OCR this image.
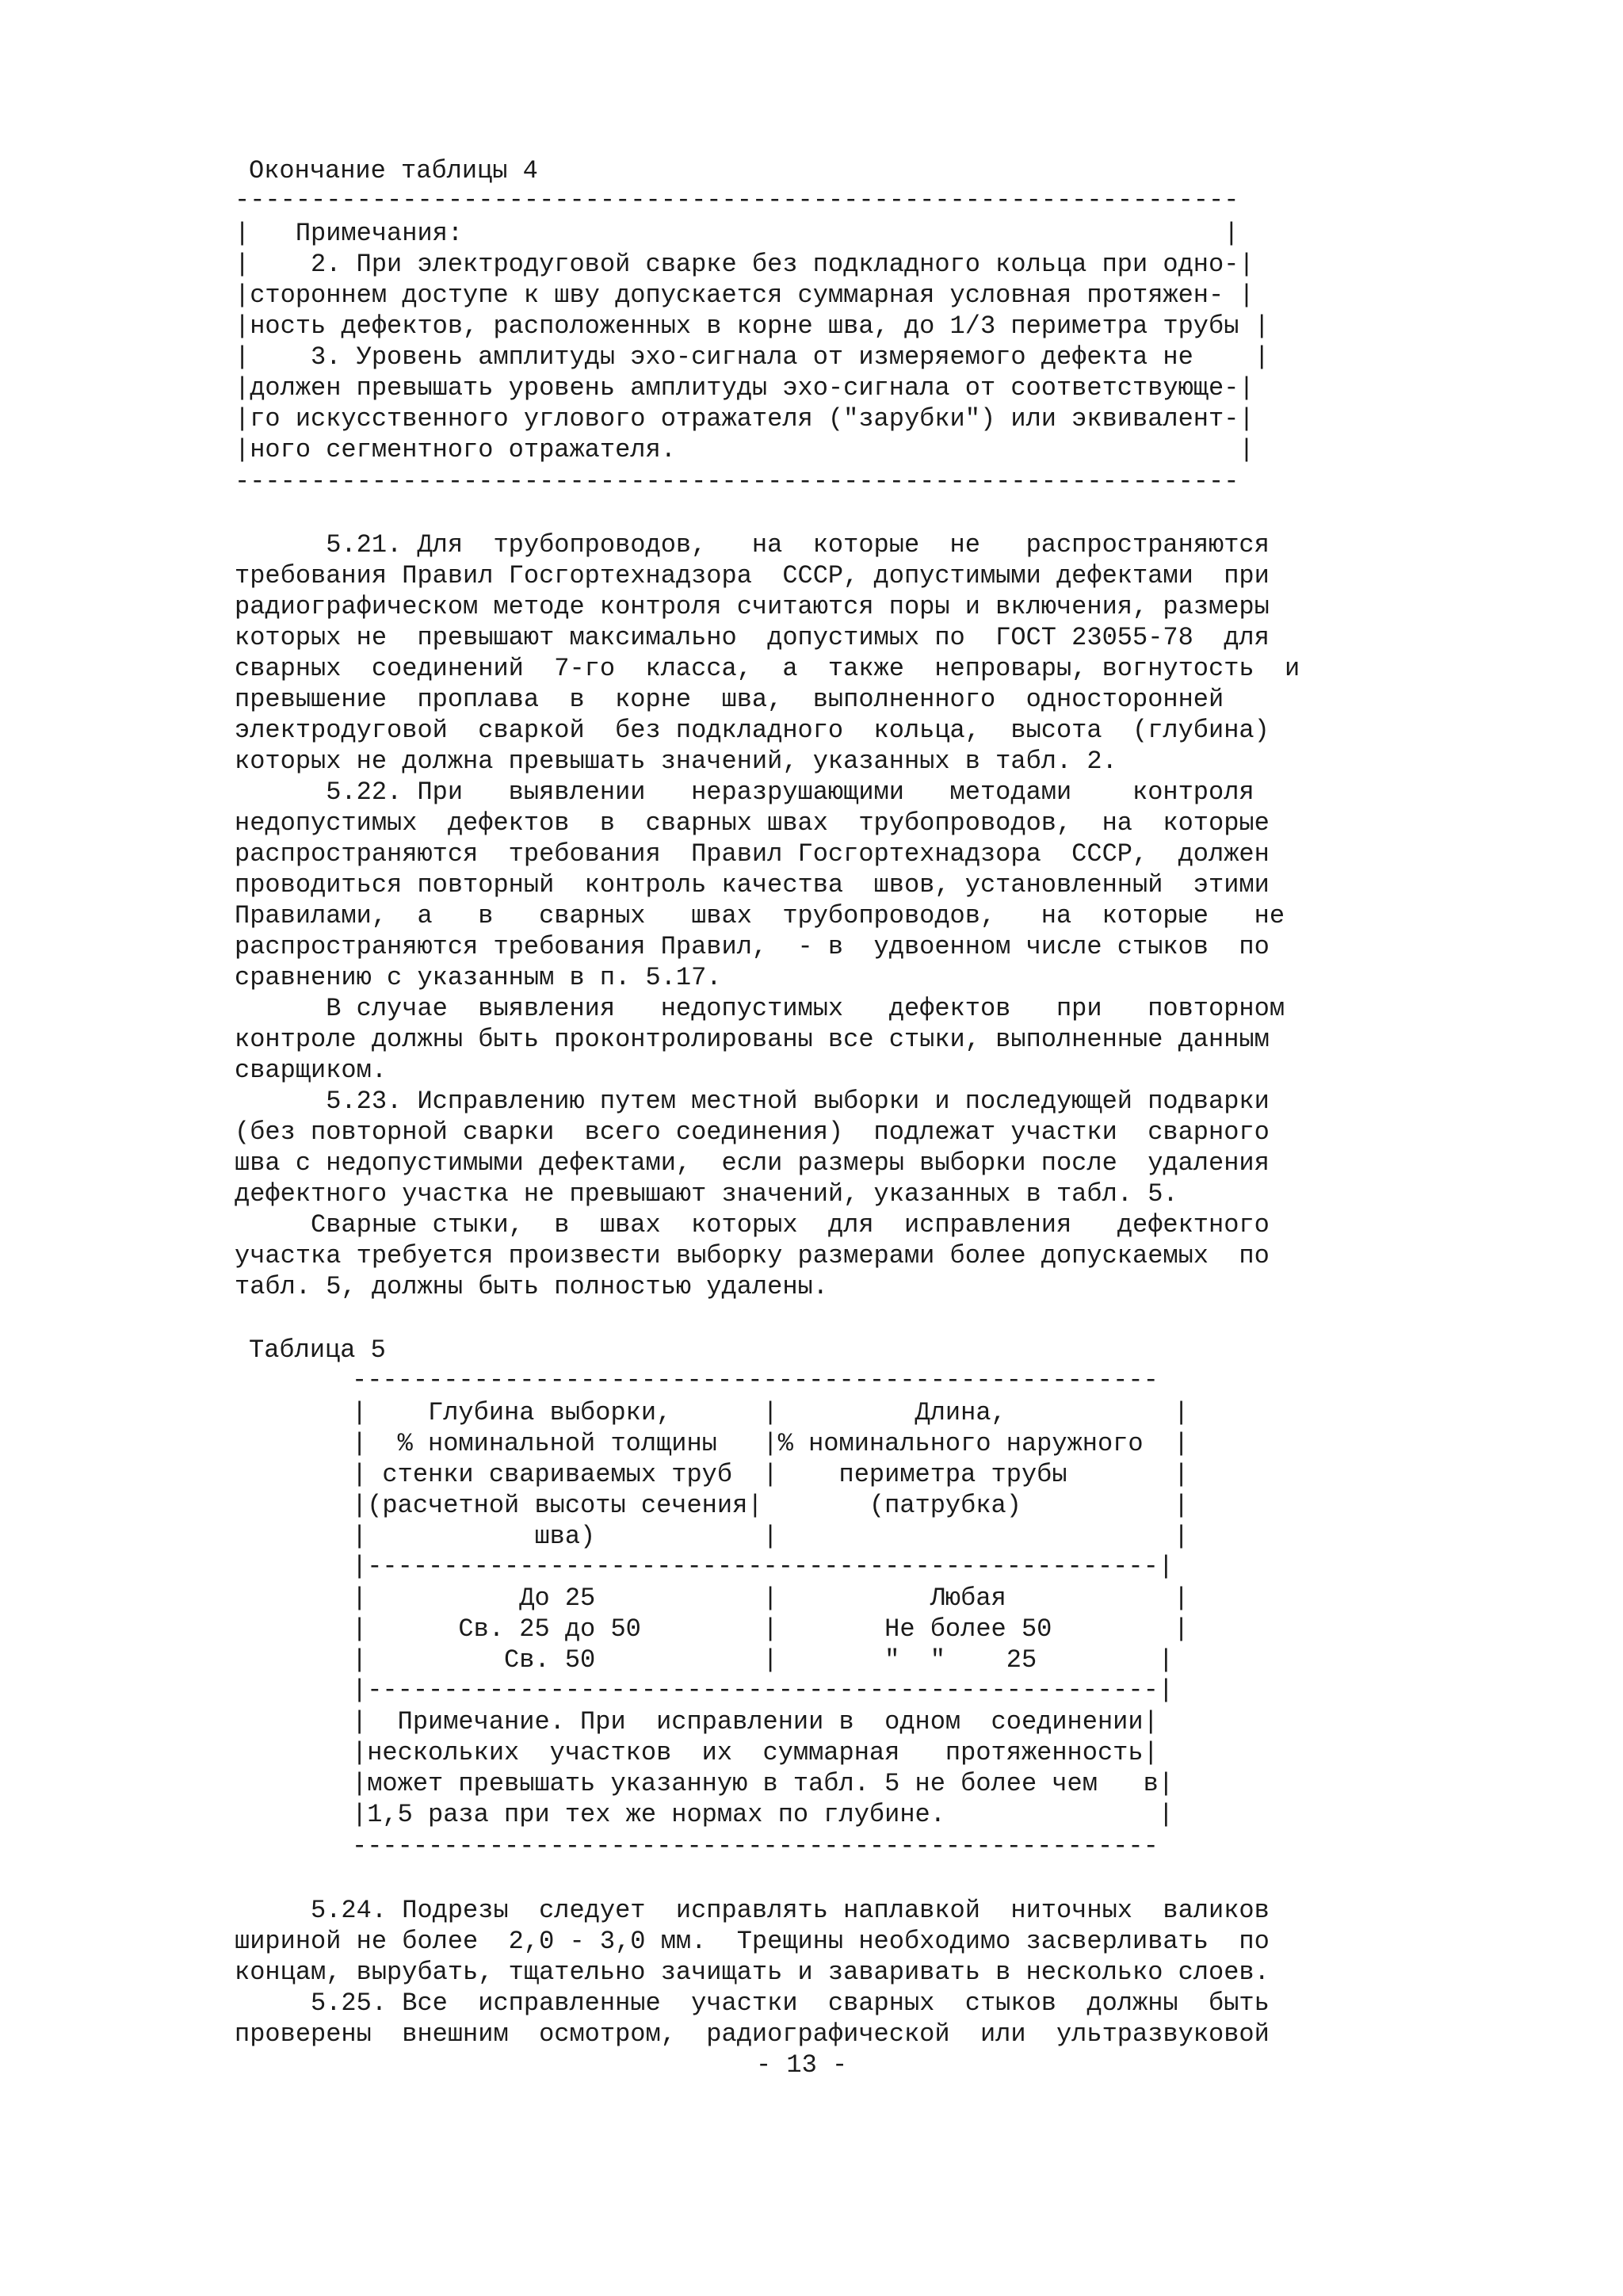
Окончание таблицы 4
------------------------------------------------------------------
|   Примечания:                                                  |
|    2. При электродуговой сварке без подкладного кольца при одно-|
|стороннем доступе к шву допускается суммарная условная протяжен- |
|ность дефектов, расположенных в корне шва, до 1/3 периметра трубы |
|    3. Уровень амплитуды эхо-сигнала от измеряемого дефекта не    |
|должен превышать уровень амплитуды эхо-сигнала от соответствующе-|
|го искусственного углового отражателя ("зарубки") или эквивалент-|
|ного сегментного отражателя.                                     |
------------------------------------------------------------------
5.21. Для  трубопроводов,   на  которые  не   распространяются
требования Правил Госгортехнадзора  СССР, допустимыми дефектами  при
радиографическом методе контроля считаются поры и включения, размеры
которых не  превышают максимально  допустимых по  ГОСТ 23055-78  для
сварных  соединений  7-го  класса,  а  также  непровары, вогнутость  и
превышение  проплава  в  корне  шва,  выполненного  односторонней
электродуговой  сваркой  без подкладного  кольца,  высота  (глубина)
которых не должна превышать значений, указанных в табл. 2.
5.22. При   выявлении   неразрушающими   методами    контроля
недопустимых  дефектов  в  сварных швах  трубопроводов,  на  которые
распространяются  требования  Правил Госгортехнадзора  СССР,  должен
проводиться повторный  контроль качества  швов, установленный  этими
Правилами,  а   в   сварных   швах  трубопроводов,   на  которые   не
распространяются требования Правил,  - в  удвоенном числе стыков  по
сравнению с указанным в п. 5.17.
В случае  выявления   недопустимых   дефектов   при   повторном
контроле должны быть проконтролированы все стыки, выполненные данным
сварщиком.
5.23. Исправлению путем местной выборки и последующей подварки
(без повторной сварки  всего соединения)  подлежат участки  сварного
шва с недопустимыми дефектами,  если размеры выборки после  удаления
дефектного участка не превышают значений, указанных в табл. 5.
Сварные стыки,  в  швах  которых  для  исправления   дефектного
участка требуется произвести выборку размерами более допускаемых  по
табл. 5, должны быть полностью удалены.
Таблица 5
-----------------------------------------------------
|    Глубина выборки,      |         Длина,           |
|  % номинальной толщины   |% номинального наружного  |
| стенки свариваемых труб  |    периметра трубы       |
|(расчетной высоты сечения|       (патрубка)          |
|           шва)           |                          |
|----------------------------------------------------|
|          До 25           |          Любая           |
|      Св. 25 до 50        |       Не более 50        |
|         Св. 50           |       "  "    25        |
|----------------------------------------------------|
|  Примечание. При  исправлении в  одном  соединении|
|нескольких  участков  их  суммарная   протяженность|
|может превышать указанную в табл. 5 не более чем   в|
|1,5 раза при тех же нормах по глубине.              |
-----------------------------------------------------
5.24. Подрезы  следует  исправлять наплавкой  ниточных  валиков
шириной не более  2,0 - 3,0 мм.  Трещины необходимо засверливать  по
концам, вырубать, тщательно зачищать и заваривать в несколько слоев.
5.25. Все  исправленные  участки  сварных  стыков  должны  быть
проверены  внешним  осмотром,  радиографической  или  ультразвуковой
- 13 -
